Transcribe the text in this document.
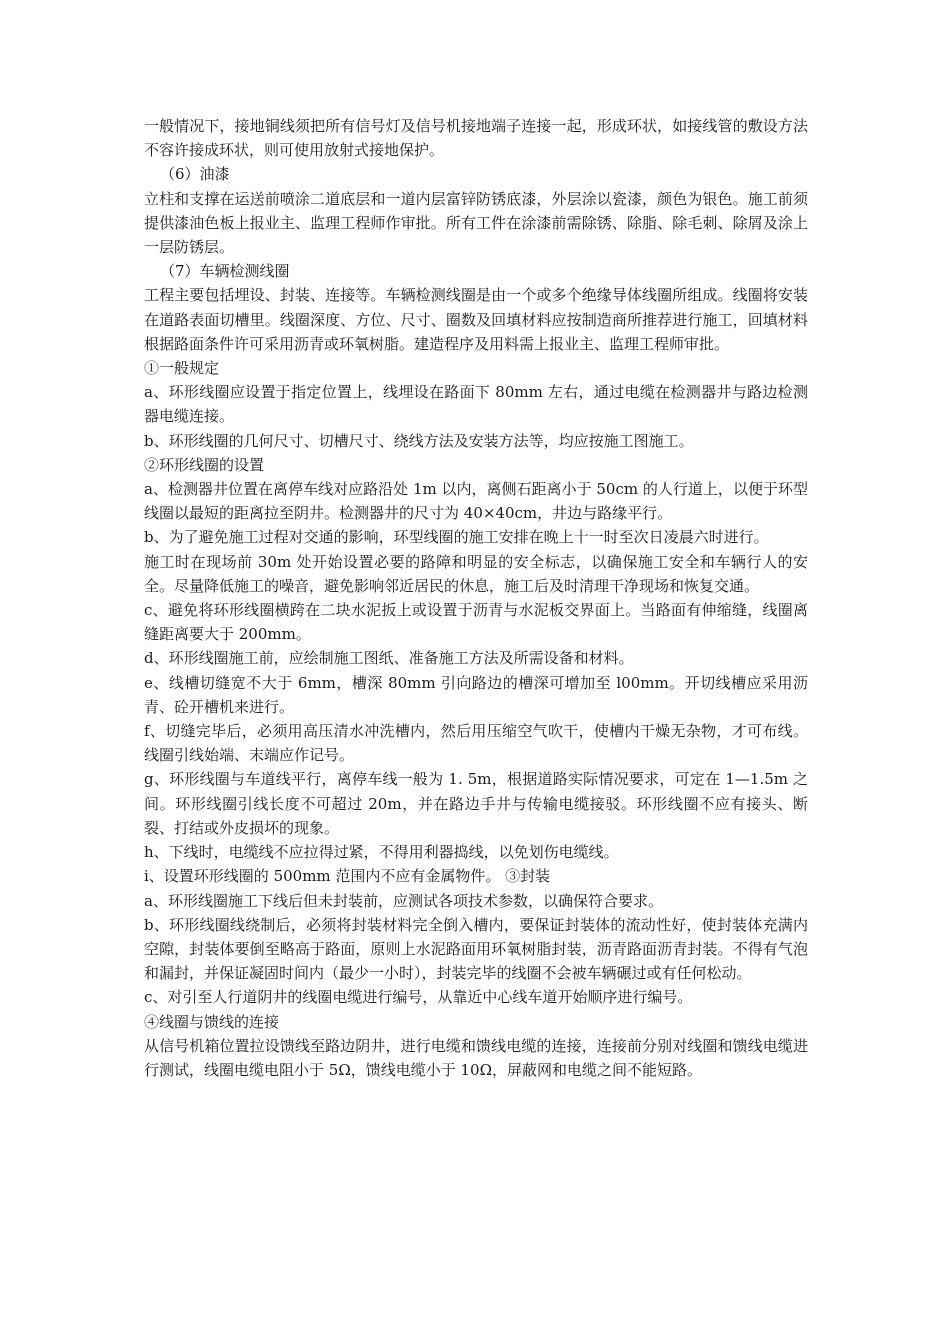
一般情况下，接地铜线须把所有信号灯及信号机接地端子连接一起，形成环状，如接线管的敷设方法不容许接成环状，则可使用放射式接地保护。

（6）油漆

立柱和支撑在运送前喷涂二道底层和一道内层富锌防锈底漆，外层涂以瓷漆，颜色为银色。施工前须提供漆油色板上报业主、监理工程师作审批。所有工件在涂漆前需除锈、除脂、除毛刺、除屑及涂上一层防锈层。

（7）车辆检测线圈

工程主要包括埋设、封装、连接等。车辆检测线圈是由一个或多个绝缘导体线圈所组成。线圈将安装在道路表面切槽里。线圈深度、方位、尺寸、圈数及回填材料应按制造商所推荐进行施工，回填材料根据路面条件许可采用沥青或环氧树脂。建造程序及用料需上报业主、监理工程师审批。

①一般规定

a、环形线圈应设置于指定位置上，线埋设在路面下 80mm 左右，通过电缆在检测器井与路边检测器电缆连接。

b、环形线圈的几何尺寸、切槽尺寸、绕线方法及安装方法等，均应按施工图施工。

②环形线圈的设置

a、检测器井位置在离停车线对应路沿处 1m 以内，离侧石距离小于 50cm 的人行道上，以便于环型线圈以最短的距离拉至阴井。检测器井的尺寸为 40×40cm，井边与路缘平行。

b、为了避免施工过程对交通的影响，环型线圈的施工安排在晚上十一时至次日凌晨六时进行。

施工时在现场前 30m 处开始设置必要的路障和明显的安全标志，以确保施工安全和车辆行人的安全。尽量降低施工的噪音，避免影响邻近居民的休息，施工后及时清理干净现场和恢复交通。

c、避免将环形线圈横跨在二块水泥扳上或设置于沥青与水泥板交界面上。当路面有伸缩缝，线圈离缝距离要大于 200mm。

d、环形线圈施工前，应绘制施工图纸、准备施工方法及所需设备和材料。

e、线槽切缝宽不大于 6mm，槽深 80mm 引向路边的槽深可增加至 l00mm。开切线槽应采用沥青、砼开槽机来进行。

f、切缝完毕后，必须用高压清水冲洗槽内，然后用压缩空气吹干，使槽内干燥无杂物，才可布线。线圈引线始端、末端应作记号。

g、环形线圈与车道线平行，离停车线一般为 1. 5m，根据道路实际情况要求，可定在 1—1.5m 之间。环形线圈引线长度不可超过 20m，并在路边手井与传输电缆接驳。环形线圈不应有接头、断裂、打结或外皮损坏的现象。

h、下线时，电缆线不应拉得过紧，不得用利器捣线，以免划伤电缆线。

i、设置环形线圈的 500mm 范围内不应有金属物件。 ③封装

a、环形线圈施工下线后但未封装前，应测试各项技术参数，以确保符合要求。

b、环形线圈线绕制后，必须将封装材料完全倒入槽内，要保证封装体的流动性好，使封装体充满内空隙，封装体要倒至略高于路面，原则上水泥路面用环氧树脂封装，沥青路面沥青封装。不得有气泡和漏封，并保证凝固时间内（最少一小时），封装完毕的线圈不会被车辆碾过或有任何松动。

c、对引至人行道阴井的线圈电缆进行编号，从靠近中心线车道开始顺序进行编号。

④线圈与馈线的连接

从信号机箱位置拉设馈线至路边阴井，进行电缆和馈线电缆的连接，连接前分别对线圈和馈线电缆进行测试，线圈电缆电阻小于 5Ω，馈线电缆小于 10Ω，屏蔽网和电缆之间不能短路。
